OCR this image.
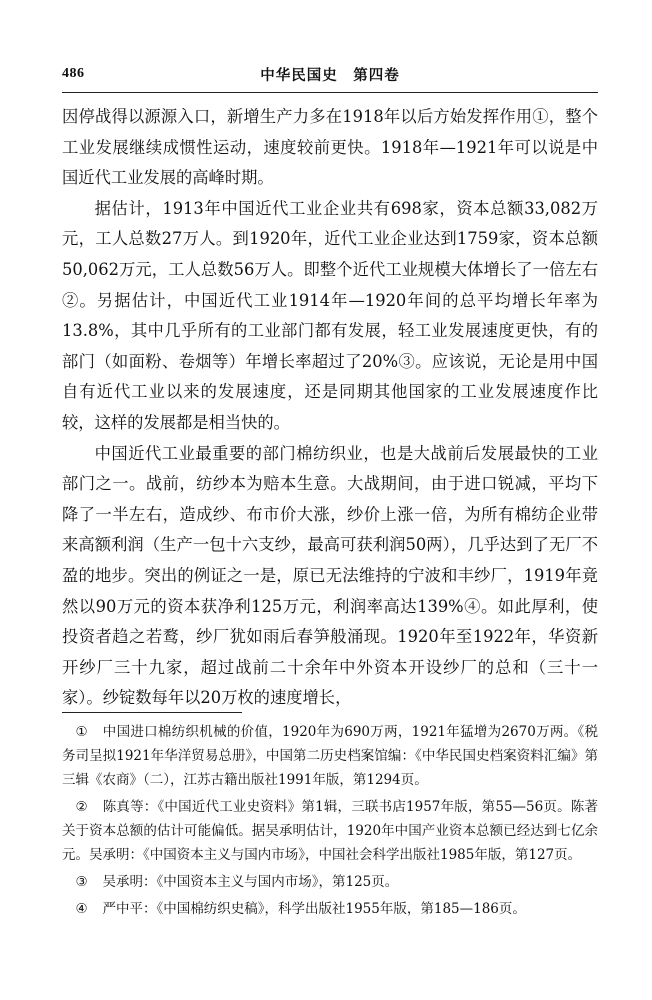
486	中华民国史　第四卷

因停战得以源源入口，新增生产力多在1918年以后方始发挥作用①，整个工业发展继续成惯性运动，速度较前更快。1918年—1921年可以说是中国近代工业发展的高峰时期。

据估计，1913年中国近代工业企业共有698家，资本总额33,082万元，工人总数27万人。到1920年，近代工业企业达到1759家，资本总额50,062万元，工人总数56万人。即整个近代工业规模大体增长了一倍左右②。另据估计，中国近代工业1914年—1920年间的总平均增长年率为13.8%，其中几乎所有的工业部门都有发展，轻工业发展速度更快，有的部门（如面粉、卷烟等）年增长率超过了20%③。应该说，无论是用中国自有近代工业以来的发展速度，还是同期其他国家的工业发展速度作比较，这样的发展都是相当快的。

中国近代工业最重要的部门棉纺织业，也是大战前后发展最快的工业部门之一。战前，纺纱本为赔本生意。大战期间，由于进口锐减，平均下降了一半左右，造成纱、布市价大涨，纱价上涨一倍，为所有棉纺企业带来高额利润（生产一包十六支纱，最高可获利润50两），几乎达到了无厂不盈的地步。突出的例证之一是，原已无法维持的宁波和丰纱厂，1919年竟然以90万元的资本获净利125万元，利润率高达139%④。如此厚利，使投资者趋之若鹜，纱厂犹如雨后春笋般涌现。1920年至1922年，华资新开纱厂三十九家，超过战前二十余年中外资本开设纱厂的总和（三十一家）。纱锭数每年以20万枚的速度增长，

① 中国进口棉纺织机械的价值，1920年为690万两，1921年猛增为2670万两。《税务司呈拟1921年华洋贸易总册》，中国第二历史档案馆编：《中华民国史档案资料汇编》第三辑《农商》（二），江苏古籍出版社1991年版，第1294页。

② 陈真等：《中国近代工业史资料》第1辑，三联书店1957年版，第55—56页。陈著关于资本总额的估计可能偏低。据吴承明估计，1920年中国产业资本总额已经达到七亿余元。吴承明：《中国资本主义与国内市场》，中国社会科学出版社1985年版，第127页。

③ 吴承明：《中国资本主义与国内市场》，第125页。

④ 严中平：《中国棉纺织史稿》，科学出版社1955年版，第185—186页。
